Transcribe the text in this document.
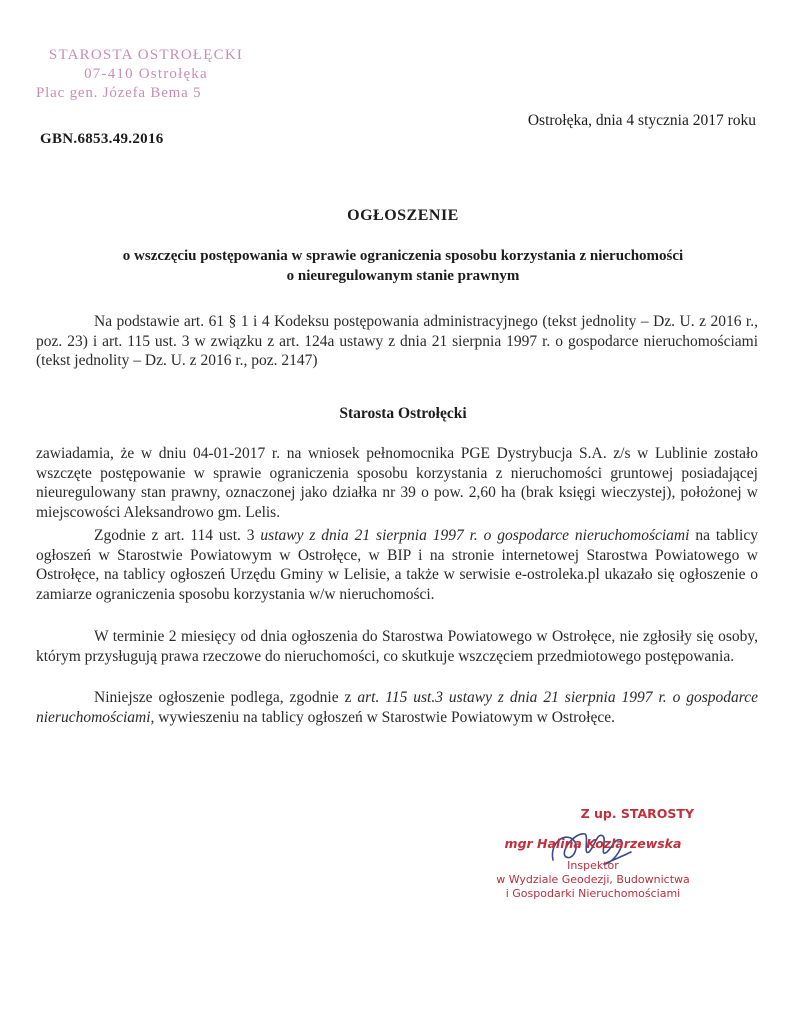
STAROSTA OSTROŁĘCKI
07-410 Ostrołęka
Plac gen. Józefa Bema 5
Ostrołęka, dnia 4 stycznia 2017 roku
GBN.6853.49.2016
OGŁOSZENIE
o wszczęciu postępowania w sprawie ograniczenia sposobu korzystania z nieruchomości
o nieuregulowanym stanie prawnym
Na podstawie art. 61 § 1 i 4 Kodeksu postępowania administracyjnego (tekst jednolity – Dz. U. z 2016 r., poz. 23) i art. 115 ust. 3 w związku z art. 124a ustawy z dnia 21 sierpnia 1997 r. o gospodarce nieruchomościami (tekst jednolity – Dz. U. z 2016 r., poz. 2147)
Starosta Ostrołęcki
zawiadamia, że w dniu 04-01-2017 r. na wniosek pełnomocnika PGE Dystrybucja S.A. z/s w Lublinie zostało wszczęte postępowanie w sprawie ograniczenia sposobu korzystania z nieruchomości gruntowej posiadającej nieuregulowany stan prawny, oznaczonej jako działka nr 39 o pow. 2,60 ha (brak księgi wieczystej), położonej w miejscowości Aleksandrowo gm. Lelis.
Zgodnie z art. 114 ust. 3 ustawy z dnia 21 sierpnia 1997 r. o gospodarce nieruchomościami na tablicy ogłoszeń w Starostwie Powiatowym w Ostrołęce, w BIP i na stronie internetowej Starostwa Powiatowego w Ostrołęce, na tablicy ogłoszeń Urzędu Gminy w Lelisie, a także w serwisie e-ostroleka.pl ukazało się ogłoszenie o zamiarze ograniczenia sposobu korzystania w/w nieruchomości.
W terminie 2 miesięcy od dnia ogłoszenia do Starostwa Powiatowego w Ostrołęce, nie zgłosiły się osoby, którym przysługują prawa rzeczowe do nieruchomości, co skutkuje wszczęciem przedmiotowego postępowania.
Niniejsze ogłoszenie podlega, zgodnie z art. 115 ust.3 ustawy z dnia 21 sierpnia 1997 r. o gospodarce nieruchomościami, wywieszeniu na tablicy ogłoszeń w Starostwie Powiatowym w Ostrołęce.
Z up. STAROSTY
mgr Halina Kozlarzewska
Inspektor
w Wydziale Geodezji, Budownictwa
i Gospodarki Nieruchomościami
